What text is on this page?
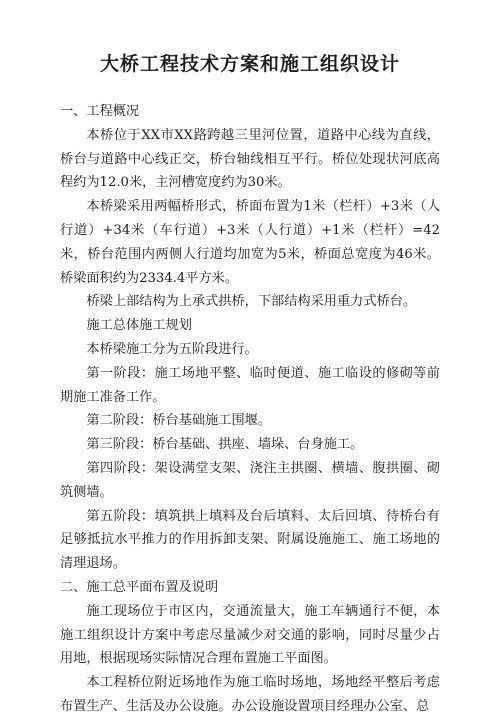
大桥工程技术方案和施工组织设计

一、工程概况

本桥位于XX市XX路跨越三里河位置，道路中心线为直线，桥台与道路中心线正交，桥台轴线相互平行。桥位处现状河底高程约为12.0米，主河槽宽度约为30米。

本桥梁采用两幅桥形式，桥面布置为1米（栏杆）+3米（人行道）+34米（车行道）+3米（人行道）+1米（栏杆）=42米，桥台范围内两侧人行道均加宽为5米，桥面总宽度为46米。桥梁面积约为2334.4平方米。

桥梁上部结构为上承式拱桥，下部结构采用重力式桥台。

施工总体施工规划

本桥梁施工分为五阶段进行。

第一阶段：施工场地平整、临时便道、施工临设的修砌等前期施工准备工作。

第二阶段：桥台基础施工围堰。

第三阶段：桥台基础、拱座、墙垛、台身施工。

第四阶段：架设满堂支架、浇注主拱圈、横墙、腹拱圈、砌筑侧墙。

第五阶段：填筑拱上填料及台后填料、太后回填、待桥台有足够抵抗水平推力的作用拆卸支架、附属设施施工、施工场地的清理退场。

二、施工总平面布置及说明

施工现场位于市区内，交通流量大，施工车辆通行不便，本施工组织设计方案中考虑尽量减少对交通的影响，同时尽量少占用地，根据现场实际情况合理布置施工平面图。

本工程桥位附近场地作为施工临时场地，场地经平整后考虑布置生产、生活及办公设施。办公设施设置项目经理办公室、总
